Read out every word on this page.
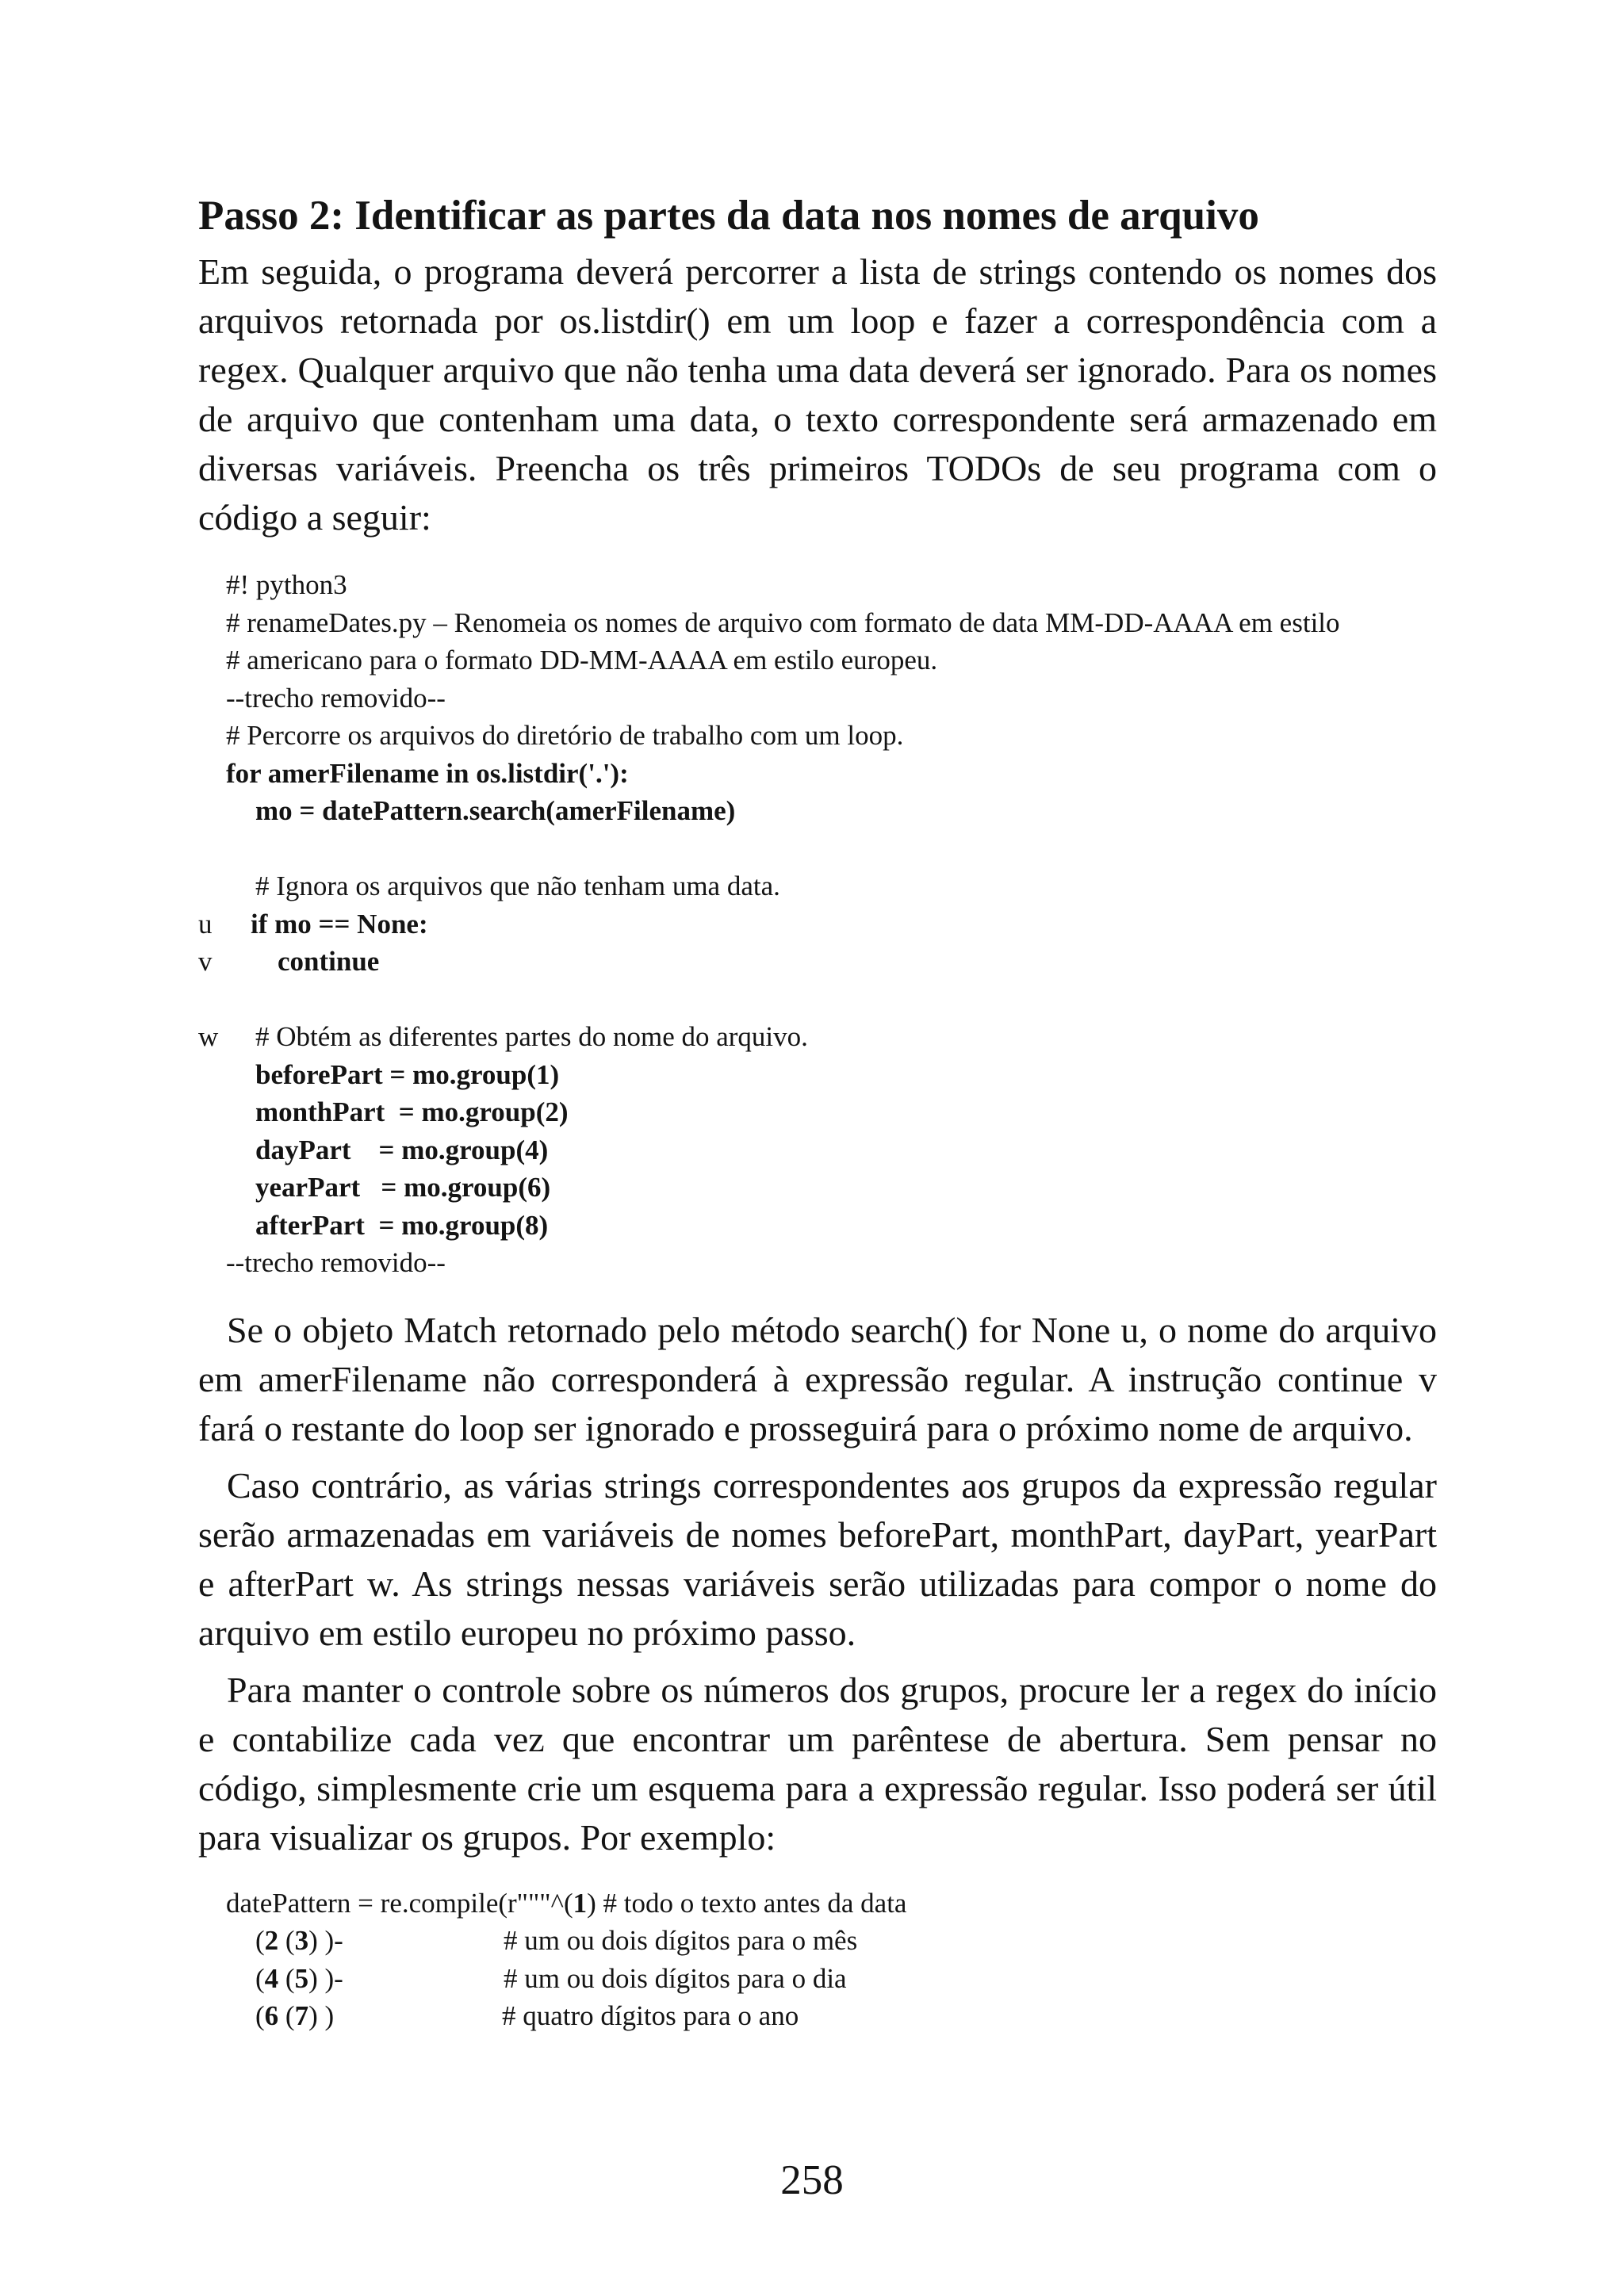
Passo 2: Identificar as partes da data nos nomes de arquivo

Em seguida, o programa deverá percorrer a lista de strings contendo os nomes dos arquivos retornada por os.listdir() em um loop e fazer a correspondência com a regex. Qualquer arquivo que não tenha uma data deverá ser ignorado. Para os nomes de arquivo que contenham uma data, o texto correspondente será armazenado em diversas variáveis. Preencha os três primeiros TODOs de seu programa com o código a seguir:

#! python3
# renameDates.py – Renomeia os nomes de arquivo com formato de data MM-DD-AAAA em estilo
# americano para o formato DD-MM-AAAA em estilo europeu.
--trecho removido--
# Percorre os arquivos do diretório de trabalho com um loop.
for amerFilename in os.listdir('.'):
mo = datePattern.search(amerFilename)
# Ignora os arquivos que não tenham uma data.
u if mo == None:
v continue
w # Obtém as diferentes partes do nome do arquivo.
beforePart = mo.group(1)
monthPart  = mo.group(2)
dayPart    = mo.group(4)
yearPart   = mo.group(6)
afterPart  = mo.group(8)
--trecho removido--

Se o objeto Match retornado pelo método search() for None u, o nome do arquivo em amerFilename não corresponderá à expressão regular. A instrução continue v fará o restante do loop ser ignorado e prosseguirá para o próximo nome de arquivo.

Caso contrário, as várias strings correspondentes aos grupos da expressão regular serão armazenadas em variáveis de nomes beforePart, monthPart, dayPart, yearPart e afterPart w. As strings nessas variáveis serão utilizadas para compor o nome do arquivo em estilo europeu no próximo passo.

Para manter o controle sobre os números dos grupos, procure ler a regex do início e contabilize cada vez que encontrar um parêntese de abertura. Sem pensar no código, simplesmente crie um esquema para a expressão regular. Isso poderá ser útil para visualizar os grupos. Por exemplo:

datePattern = re.compile(r"""^(1) # todo o texto antes da data

(2 (3) )-

	# um ou dois dígitos para o mês

(4 (5) )-

	# um ou dois dígitos para o dia

(6 (7) )

	# quatro dígitos para o ano

258
